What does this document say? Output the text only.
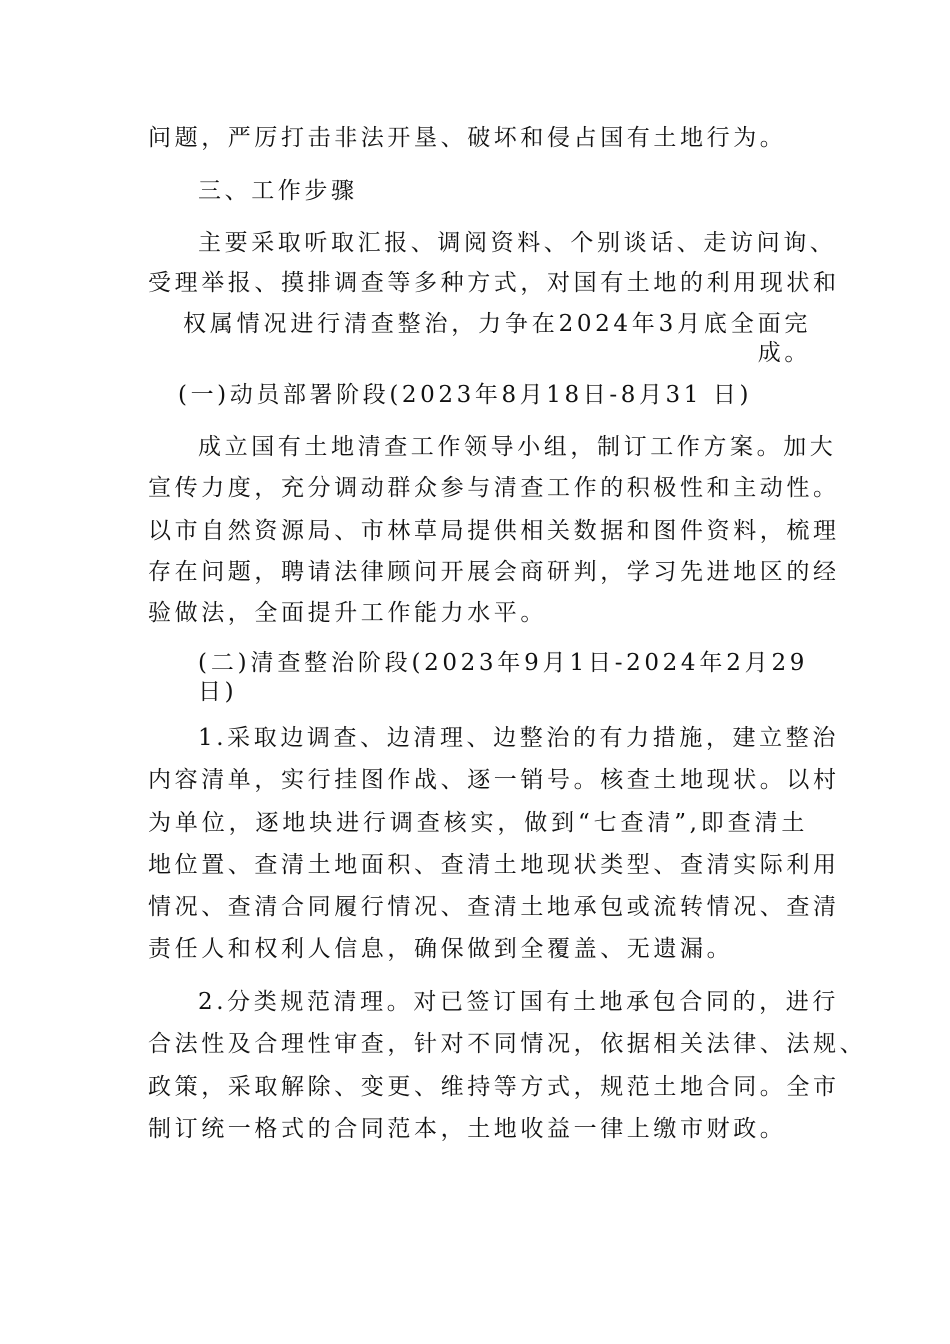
问题，严厉打击非法开垦、破坏和侵占国有土地行为。

三、工作步骤

主要采取听取汇报、调阅资料、个别谈话、走访问询、

受理举报、摸排调查等多种方式，对国有土地的利用现状和

权属情况进行清查整治，力争在2024年3月底全面完

成。

(一)动员部署阶段(2023年8月18日-8月31 日)

成立国有土地清查工作领导小组，制订工作方案。加大

宣传力度，充分调动群众参与清查工作的积极性和主动性。

以市自然资源局、市林草局提供相关数据和图件资料，梳理

存在问题，聘请法律顾问开展会商研判，学习先进地区的经

验做法，全面提升工作能力水平。

(二)清查整治阶段(2023年9月1日-2024年2月29

日)

1.采取边调查、边清理、边整治的有力措施，建立整治

内容清单，实行挂图作战、逐一销号。核查土地现状。以村

为单位，逐地块进行调查核实，做到“七查清”,即查清土

地位置、查清土地面积、查清土地现状类型、查清实际利用

情况、查清合同履行情况、查清土地承包或流转情况、查清

责任人和权利人信息，确保做到全覆盖、无遗漏。

2.分类规范清理。对已签订国有土地承包合同的，进行

合法性及合理性审查，针对不同情况，依据相关法律、法规、

政策，采取解除、变更、维持等方式，规范土地合同。全市

制订统一格式的合同范本，土地收益一律上缴市财政。
